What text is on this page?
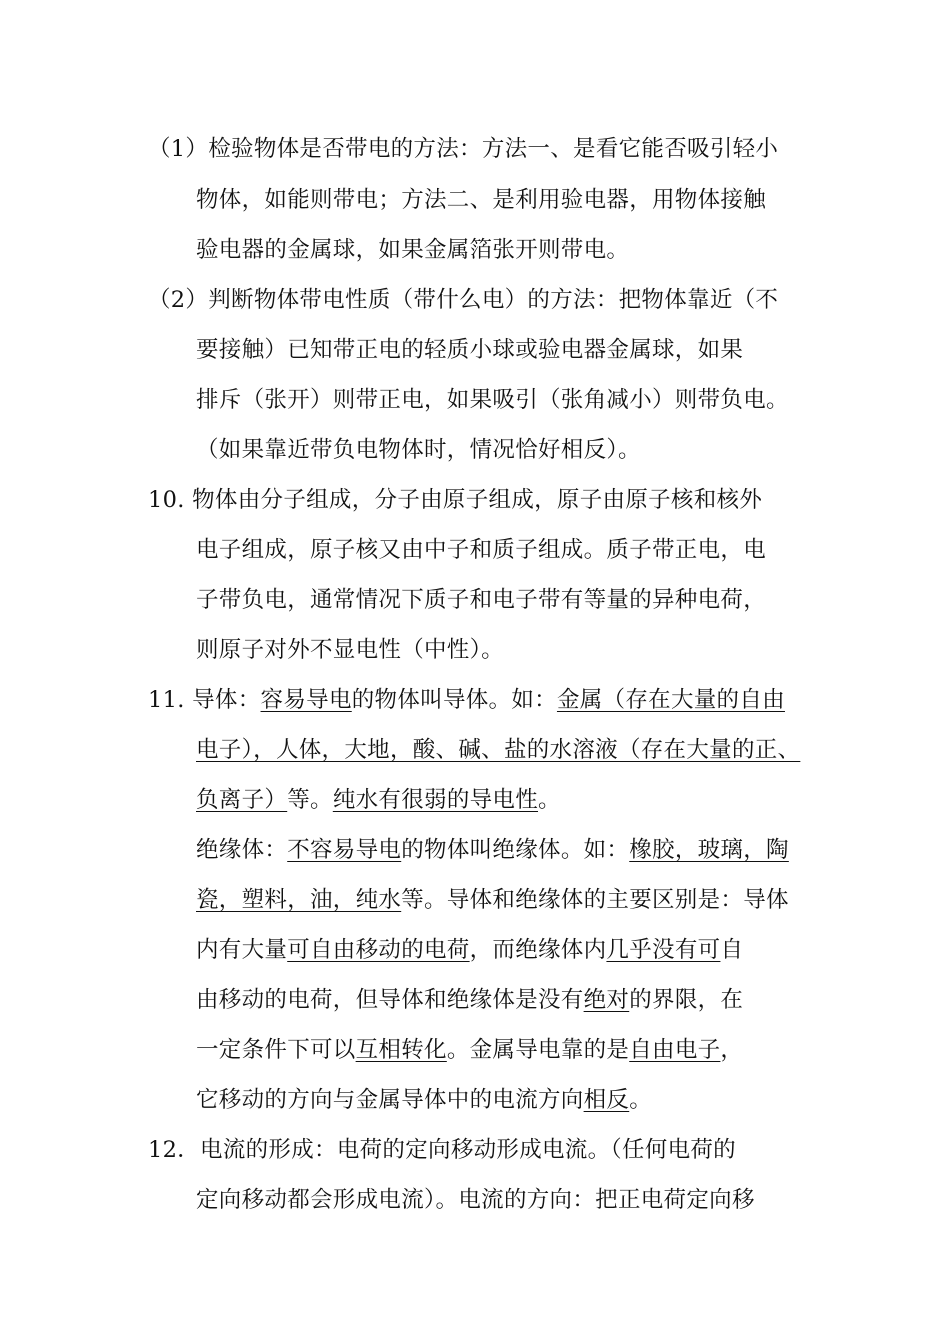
（1）检验物体是否带电的方法：方法一、是看它能否吸引轻小
物体，如能则带电；方法二、是利用验电器，用物体接触
验电器的金属球，如果金属箔张开则带电。
（2）判断物体带电性质（带什么电）的方法：把物体靠近（不
要接触）已知带正电的轻质小球或验电器金属球，如果
排斥（张开）则带正电，如果吸引（张角减小）则带负电。
（如果靠近带负电物体时，情况恰好相反）。
10. 物体由分子组成，分子由原子组成，原子由原子核和核外
电子组成，原子核又由中子和质子组成。质子带正电，电
子带负电，通常情况下质子和电子带有等量的异种电荷，
则原子对外不显电性（中性）。
11. 导体：容易导电的物体叫导体。如：金属（存在大量的自由
电子），人体，大地，酸、碱、盐的水溶液（存在大量的正、
负离子）等。纯水有很弱的导电性。
绝缘体：不容易导电的物体叫绝缘体。如：橡胶，玻璃，陶
瓷，塑料，油，纯水等。导体和绝缘体的主要区别是：导体
内有大量可自由移动的电荷，而绝缘体内几乎没有可自
由移动的电荷，但导体和绝缘体是没有绝对的界限，在
一定条件下可以互相转化。金属导电靠的是自由电子，
它移动的方向与金属导体中的电流方向相反。
12．电流的形成：电荷的定向移动形成电流。（任何电荷的
定向移动都会形成电流）。电流的方向：把正电荷定向移
